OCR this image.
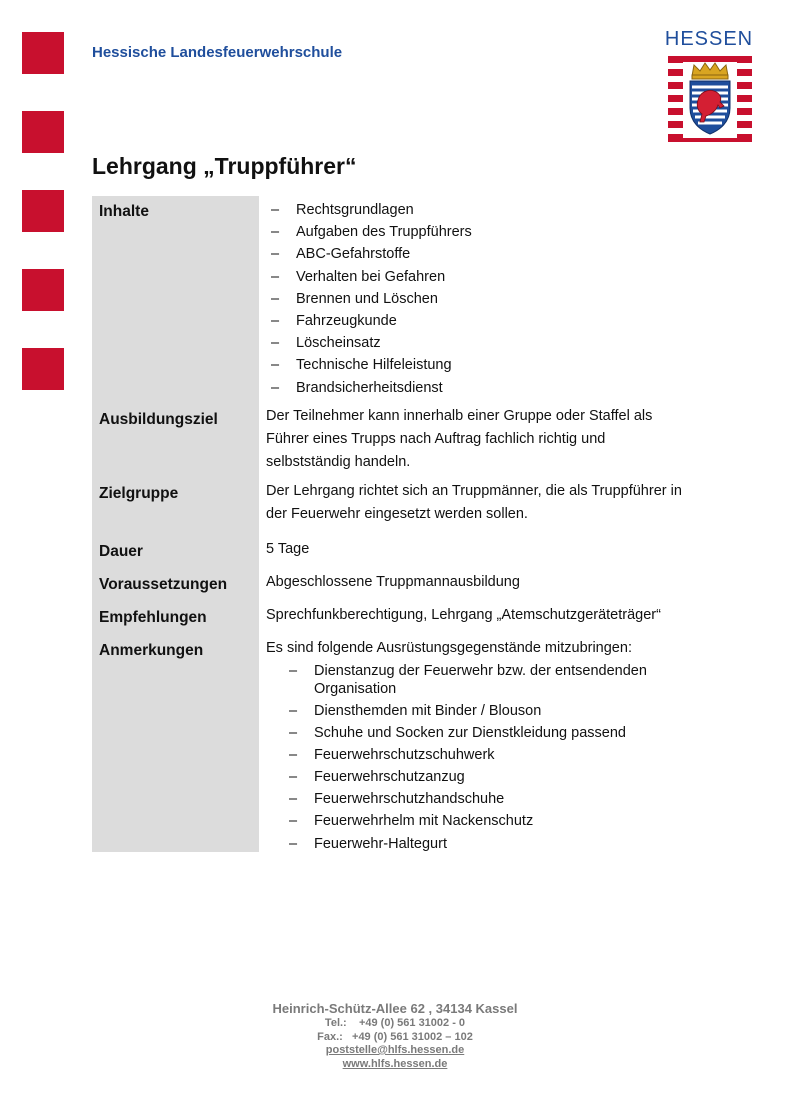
Hessische Landesfeuerwehrschule
HESSEN
Lehrgang „Truppführer“
Inhalte	– Rechtsgrundlagen
– Aufgaben des Truppführers
– ABC-Gefahrstoffe
– Verhalten bei Gefahren
– Brennen und Löschen
– Fahrzeugkunde
– Löscheinsatz
– Technische Hilfeleistung
– Brandsicherheitsdienst
Ausbildungsziel	Der Teilnehmer kann innerhalb einer Gruppe oder Staffel als
Führer eines Trupps nach Auftrag fachlich richtig und
selbstständig handeln.
Zielgruppe	Der Lehrgang richtet sich an Truppmänner, die als Truppführer in
der Feuerwehr eingesetzt werden sollen.
Dauer	5 Tage
Voraussetzungen	Abgeschlossene Truppmannausbildung
Empfehlungen	Sprechfunkberechtigung, Lehrgang „Atemschutzgeräteträger“
Anmerkungen	Es sind folgende Ausrüstungsgegenstände mitzubringen:
– Dienstanzug der Feuerwehr bzw. der entsendenden
Organisation
– Diensthemden mit Binder / Blouson
– Schuhe und Socken zur Dienstkleidung passend
– Feuerwehrschutzschuhwerk
– Feuerwehrschutzanzug
– Feuerwehrschutzhandschuhe
– Feuerwehrhelm mit Nackenschutz
– Feuerwehr-Haltegurt
Heinrich-Schütz-Allee 62 , 34134 Kassel
Tel.:    +49 (0) 561 31002 - 0
Fax.:   +49 (0) 561 31002 – 102
poststelle@hlfs.hessen.de
www.hlfs.hessen.de
